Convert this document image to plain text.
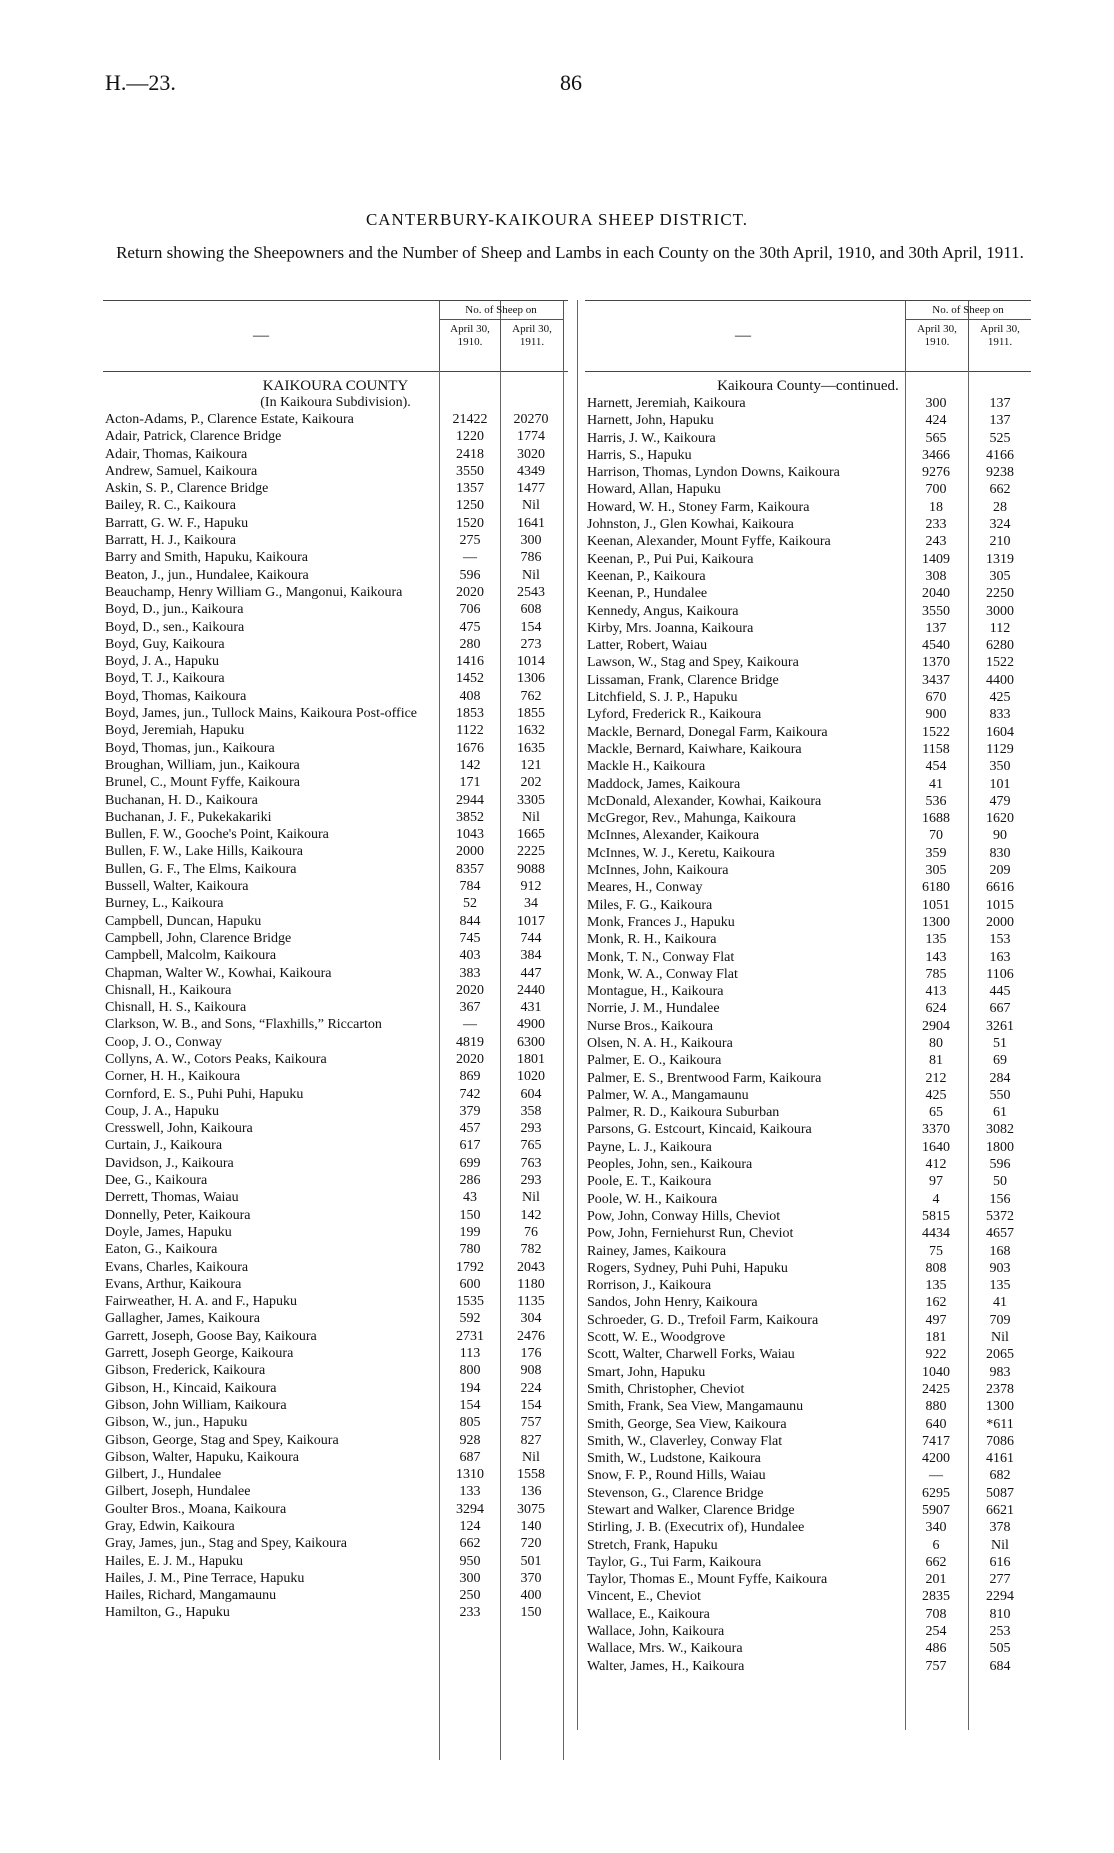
H.—23.	86
CANTERBURY-KAIKOURA SHEEP DISTRICT.
Return showing the Sheepowners and the Number of Sheep and Lambs in each County on the 30th April, 1910, and 30th April, 1911.
—
No. of Sheep on
April 30, 1910.
April 30, 1911.
KAIKOURA COUNTY
(In Kaikoura Subdivision).
Acton-Adams, P., Clarence Estate, Kaikoura	21422	20270
Adair, Patrick, Clarence Bridge	1220	1774
Adair, Thomas, Kaikoura	2418	3020
Andrew, Samuel, Kaikoura	3550	4349
Askin, S. P., Clarence Bridge	1357	1477
Bailey, R. C., Kaikoura	1250	Nil
Barratt, G. W. F., Hapuku	1520	1641
Barratt, H. J., Kaikoura	275	300
Barry and Smith, Hapuku, Kaikoura	—	786
Beaton, J., jun., Hundalee, Kaikoura	596	Nil
Beauchamp, Henry William G., Mangonui, Kaikoura	2020	2543
Boyd, D., jun., Kaikoura	706	608
Boyd, D., sen., Kaikoura	475	154
Boyd, Guy, Kaikoura	280	273
Boyd, J. A., Hapuku	1416	1014
Boyd, T. J., Kaikoura	1452	1306
Boyd, Thomas, Kaikoura	408	762
Boyd, James, jun., Tullock Mains, Kaikoura Post-office	1853	1855
Boyd, Jeremiah, Hapuku	1122	1632
Boyd, Thomas, jun., Kaikoura	1676	1635
Broughan, William, jun., Kaikoura	142	121
Brunel, C., Mount Fyffe, Kaikoura	171	202
Buchanan, H. D., Kaikoura	2944	3305
Buchanan, J. F., Pukekakariki	3852	Nil
Bullen, F. W., Gooche's Point, Kaikoura	1043	1665
Bullen, F. W., Lake Hills, Kaikoura	2000	2225
Bullen, G. F., The Elms, Kaikoura	8357	9088
Bussell, Walter, Kaikoura	784	912
Burney, L., Kaikoura	52	34
Campbell, Duncan, Hapuku	844	1017
Campbell, John, Clarence Bridge	745	744
Campbell, Malcolm, Kaikoura	403	384
Chapman, Walter W., Kowhai, Kaikoura	383	447
Chisnall, H., Kaikoura	2020	2440
Chisnall, H. S., Kaikoura	367	431
Clarkson, W. B., and Sons, “Flaxhills,” Riccarton	—	4900
Coop, J. O., Conway	4819	6300
Collyns, A. W., Cotors Peaks, Kaikoura	2020	1801
Corner, H. H., Kaikoura	869	1020
Cornford, E. S., Puhi Puhi, Hapuku	742	604
Coup, J. A., Hapuku	379	358
Cresswell, John, Kaikoura	457	293
Curtain, J., Kaikoura	617	765
Davidson, J., Kaikoura	699	763
Dee, G., Kaikoura	286	293
Derrett, Thomas, Waiau	43	Nil
Donnelly, Peter, Kaikoura	150	142
Doyle, James, Hapuku	199	76
Eaton, G., Kaikoura	780	782
Evans, Charles, Kaikoura	1792	2043
Evans, Arthur, Kaikoura	600	1180
Fairweather, H. A. and F., Hapuku	1535	1135
Gallagher, James, Kaikoura	592	304
Garrett, Joseph, Goose Bay, Kaikoura	2731	2476
Garrett, Joseph George, Kaikoura	113	176
Gibson, Frederick, Kaikoura	800	908
Gibson, H., Kincaid, Kaikoura	194	224
Gibson, John William, Kaikoura	154	154
Gibson, W., jun., Hapuku	805	757
Gibson, George, Stag and Spey, Kaikoura	928	827
Gibson, Walter, Hapuku, Kaikoura	687	Nil
Gilbert, J., Hundalee	1310	1558
Gilbert, Joseph, Hundalee	133	136
Goulter Bros., Moana, Kaikoura	3294	3075
Gray, Edwin, Kaikoura	124	140
Gray, James, jun., Stag and Spey, Kaikoura	662	720
Hailes, E. J. M., Hapuku	950	501
Hailes, J. M., Pine Terrace, Hapuku	300	370
Hailes, Richard, Mangamaunu	250	400
Hamilton, G., Hapuku	233	150
—
No. of Sheep on
April 30, 1910.
April 30, 1911.
Kaikoura County—continued.
Harnett, Jeremiah, Kaikoura	300	137
Harnett, John, Hapuku	424	137
Harris, J. W., Kaikoura	565	525
Harris, S., Hapuku	3466	4166
Harrison, Thomas, Lyndon Downs, Kaikoura	9276	9238
Howard, Allan, Hapuku	700	662
Howard, W. H., Stoney Farm, Kaikoura	18	28
Johnston, J., Glen Kowhai, Kaikoura	233	324
Keenan, Alexander, Mount Fyffe, Kaikoura	243	210
Keenan, P., Pui Pui, Kaikoura	1409	1319
Keenan, P., Kaikoura	308	305
Keenan, P., Hundalee	2040	2250
Kennedy, Angus, Kaikoura	3550	3000
Kirby, Mrs. Joanna, Kaikoura	137	112
Latter, Robert, Waiau	4540	6280
Lawson, W., Stag and Spey, Kaikoura	1370	1522
Lissaman, Frank, Clarence Bridge	3437	4400
Litchfield, S. J. P., Hapuku	670	425
Lyford, Frederick R., Kaikoura	900	833
Mackle, Bernard, Donegal Farm, Kaikoura	1522	1604
Mackle, Bernard, Kaiwhare, Kaikoura	1158	1129
Mackle H., Kaikoura	454	350
Maddock, James, Kaikoura	41	101
McDonald, Alexander, Kowhai, Kaikoura	536	479
McGregor, Rev., Mahunga, Kaikoura	1688	1620
McInnes, Alexander, Kaikoura	70	90
McInnes, W. J., Keretu, Kaikoura	359	830
McInnes, John, Kaikoura	305	209
Meares, H., Conway	6180	6616
Miles, F. G., Kaikoura	1051	1015
Monk, Frances J., Hapuku	1300	2000
Monk, R. H., Kaikoura	135	153
Monk, T. N., Conway Flat	143	163
Monk, W. A., Conway Flat	785	1106
Montague, H., Kaikoura	413	445
Norrie, J. M., Hundalee	624	667
Nurse Bros., Kaikoura	2904	3261
Olsen, N. A. H., Kaikoura	80	51
Palmer, E. O., Kaikoura	81	69
Palmer, E. S., Brentwood Farm, Kaikoura	212	284
Palmer, W. A., Mangamaunu	425	550
Palmer, R. D., Kaikoura Suburban	65	61
Parsons, G. Estcourt, Kincaid, Kaikoura	3370	3082
Payne, L. J., Kaikoura	1640	1800
Peoples, John, sen., Kaikoura	412	596
Poole, E. T., Kaikoura	97	50
Poole, W. H., Kaikoura	4	156
Pow, John, Conway Hills, Cheviot	5815	5372
Pow, John, Ferniehurst Run, Cheviot	4434	4657
Rainey, James, Kaikoura	75	168
Rogers, Sydney, Puhi Puhi, Hapuku	808	903
Rorrison, J., Kaikoura	135	135
Sandos, John Henry, Kaikoura	162	41
Schroeder, G. D., Trefoil Farm, Kaikoura	497	709
Scott, W. E., Woodgrove	181	Nil
Scott, Walter, Charwell Forks, Waiau	922	2065
Smart, John, Hapuku	1040	983
Smith, Christopher, Cheviot	2425	2378
Smith, Frank, Sea View, Mangamaunu	880	1300
Smith, George, Sea View, Kaikoura	640	*611
Smith, W., Claverley, Conway Flat	7417	7086
Smith, W., Ludstone, Kaikoura	4200	4161
Snow, F. P., Round Hills, Waiau	—	682
Stevenson, G., Clarence Bridge	6295	5087
Stewart and Walker, Clarence Bridge	5907	6621
Stirling, J. B. (Executrix of), Hundalee	340	378
Stretch, Frank, Hapuku	6	Nil
Taylor, G., Tui Farm, Kaikoura	662	616
Taylor, Thomas E., Mount Fyffe, Kaikoura	201	277
Vincent, E., Cheviot	2835	2294
Wallace, E., Kaikoura	708	810
Wallace, John, Kaikoura	254	253
Wallace, Mrs. W., Kaikoura	486	505
Walter, James, H., Kaikoura	757	684
